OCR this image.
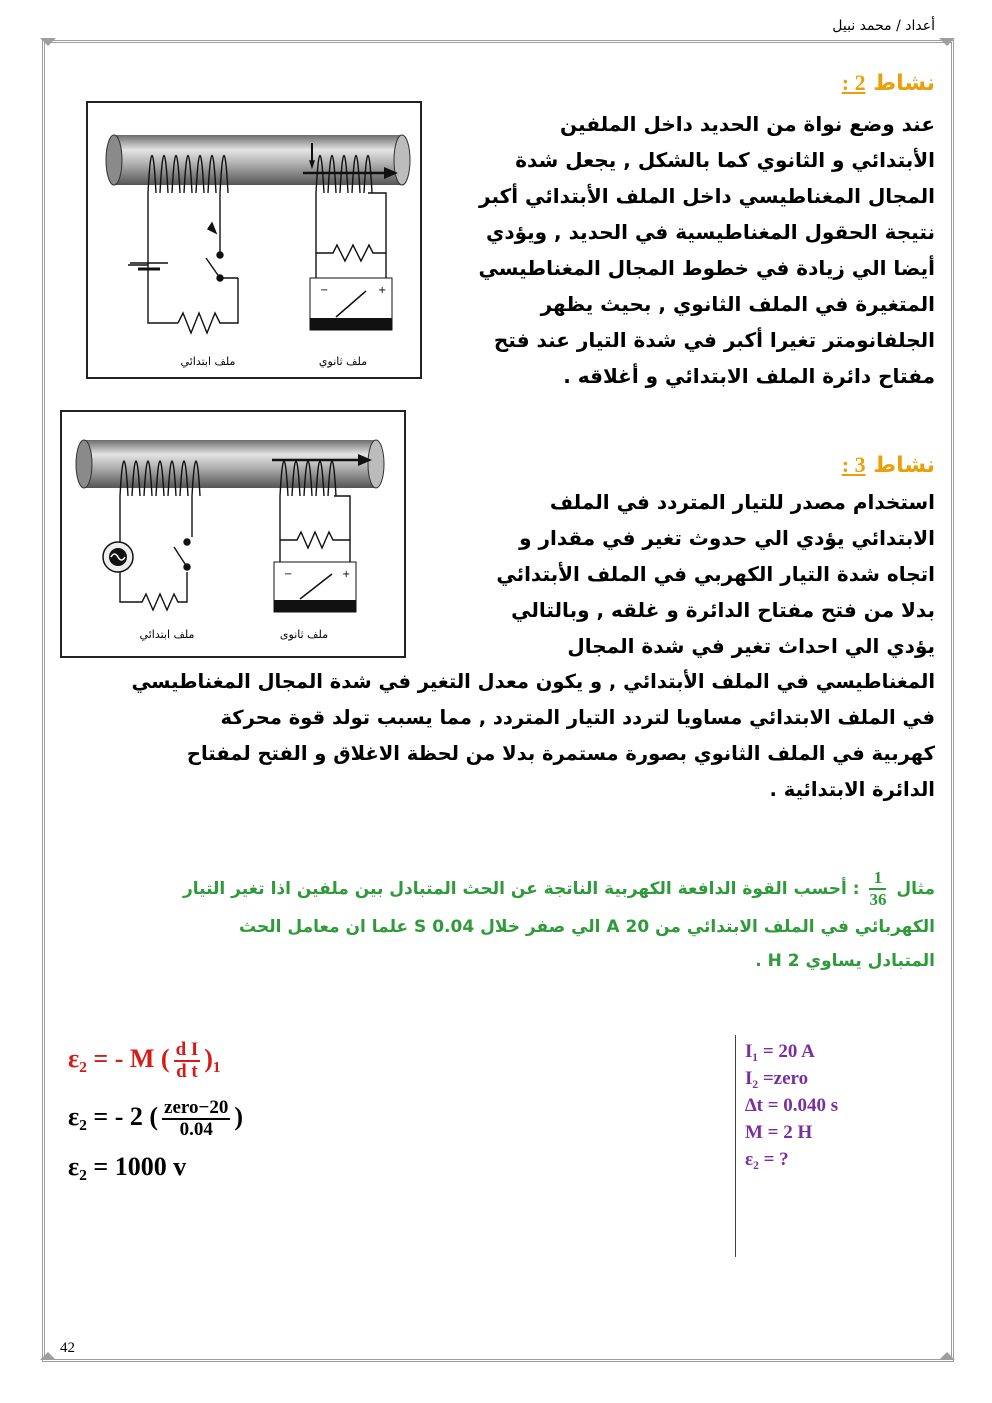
أعداد / محمد نبيل
42
نشاط 2 :
عند وضع نواة من الحديد داخل الملفين
الأبتدائي و الثانوي كما بالشكل , يجعل شدة
المجال المغناطيسي داخل الملف الأبتدائي أكبر
نتيجة الحقول المغناطيسية في الحديد , ويؤدي
أيضا الي زيادة في خطوط المجال المغناطيسي
المتغيرة في الملف الثانوي , بحيث يظهر
الجلفانومتر تغيرا أكبر في شدة التيار عند فتح
مفتاح دائرة الملف الابتدائي و أغلاقه .
−	+
ملف ابتدائي	ملف ثانوي
−	+
ملف ابتدائي	ملف ثانوى
نشاط 3 :
استخدام مصدر للتيار المتردد في الملف
الابتدائي يؤدي الي حدوث تغير في مقدار و
اتجاه شدة التيار الكهربي في الملف الأبتدائي
بدلا من فتح مفتاح الدائرة و غلقه , وبالتالي
يؤدي الي احداث تغير في شدة المجال
المغناطيسي في الملف الأبتدائي , و يكون معدل التغير في شدة المجال المغناطيسي
في الملف الابتدائي مساويا لتردد التيار المتردد , مما يسبب تولد قوة محركة
كهربية في الملف الثانوي بصورة مستمرة بدلا من لحظة الاغلاق و الفتح لمفتاح
الدائرة الابتدائية .
مثال
$\frac{1}{36}$
: أحسب القوة الدافعة الكهربية الناتجة عن الحث المتبادل بين ملفين اذا تغير التيار
الكهربائي في الملف الابتدائي من 20 A الي صفر خلال 0.04 S علما ان معامل الحث
المتبادل يساوي 2 H .
ε₂ = - M ( $\frac{\text{d I}}{\text{d t}} )_1$
ε₂ = - 2 ( $\frac{\text{zero−20}}{0.04}$ )
ε₂ = 1000 v
I₁ = 20 A
I₂ =zero
∆t = 0.040 s
M = 2 H
ε₂ = ?
